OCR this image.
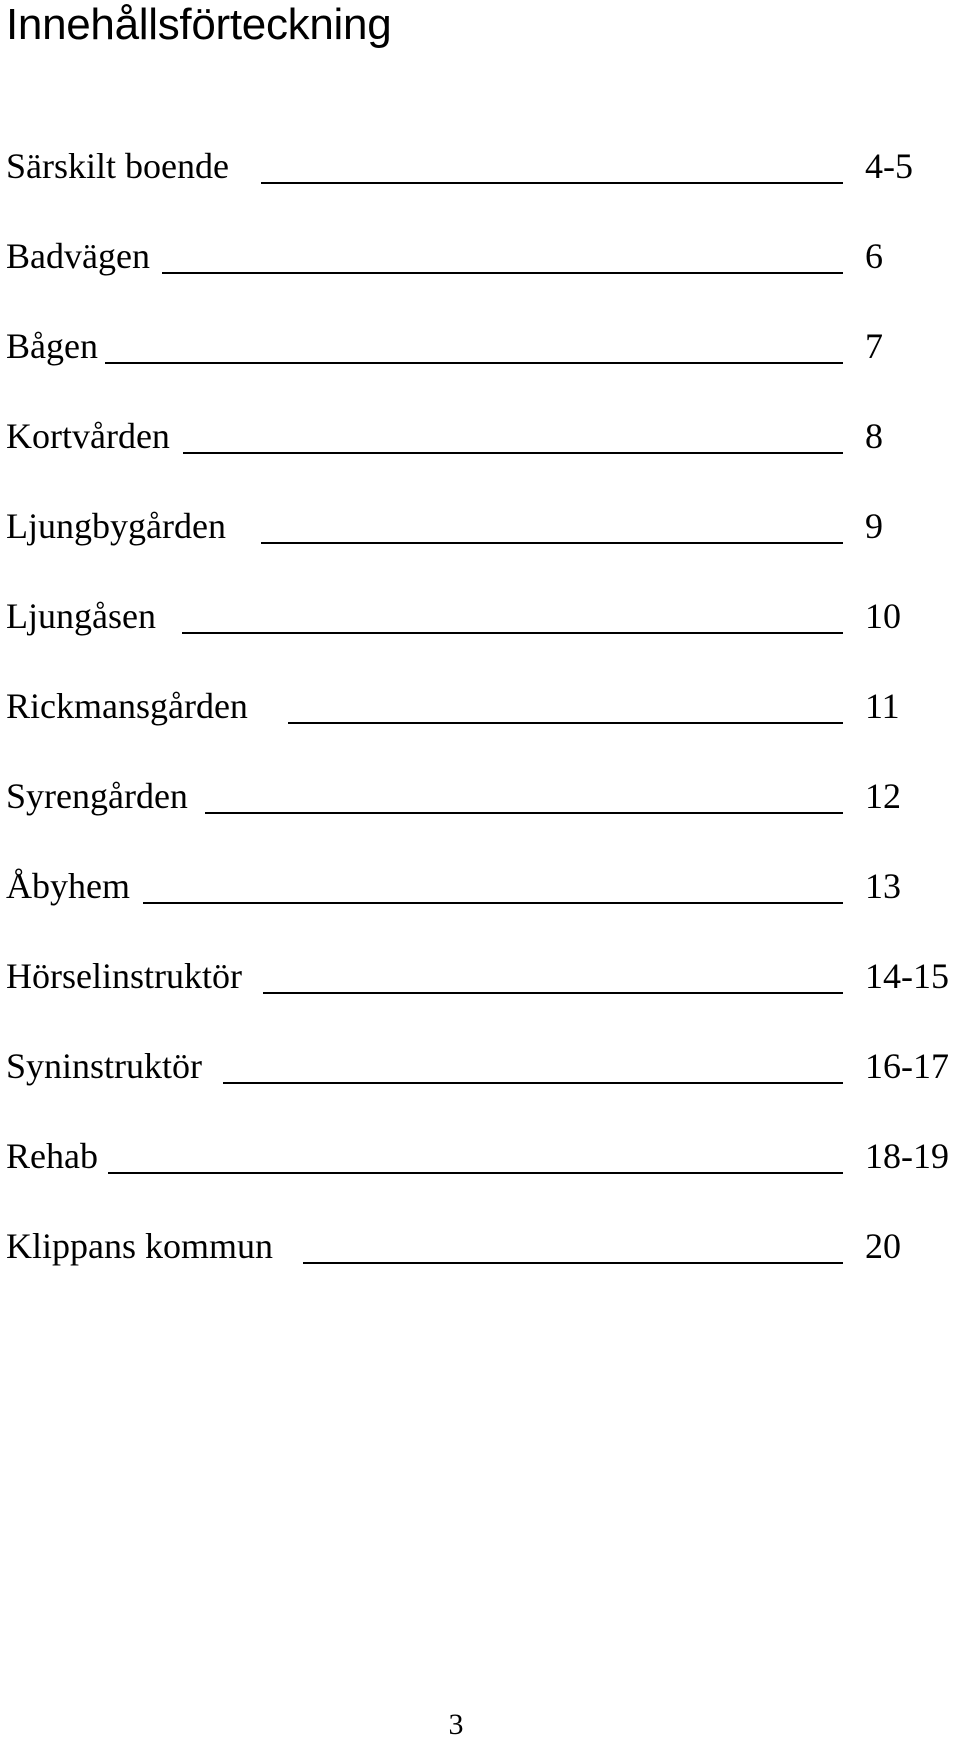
Innehållsförteckning
Särskilt boende	4-5
Badvägen	6
Bågen	7
Kortvården	8
Ljungbygården	9
Ljungåsen	10
Rickmansgården	11
Syrengården	12
Åbyhem	13
Hörselinstruktör	14-15
Syninstruktör	16-17
Rehab	18-19
Klippans kommun	20
3
